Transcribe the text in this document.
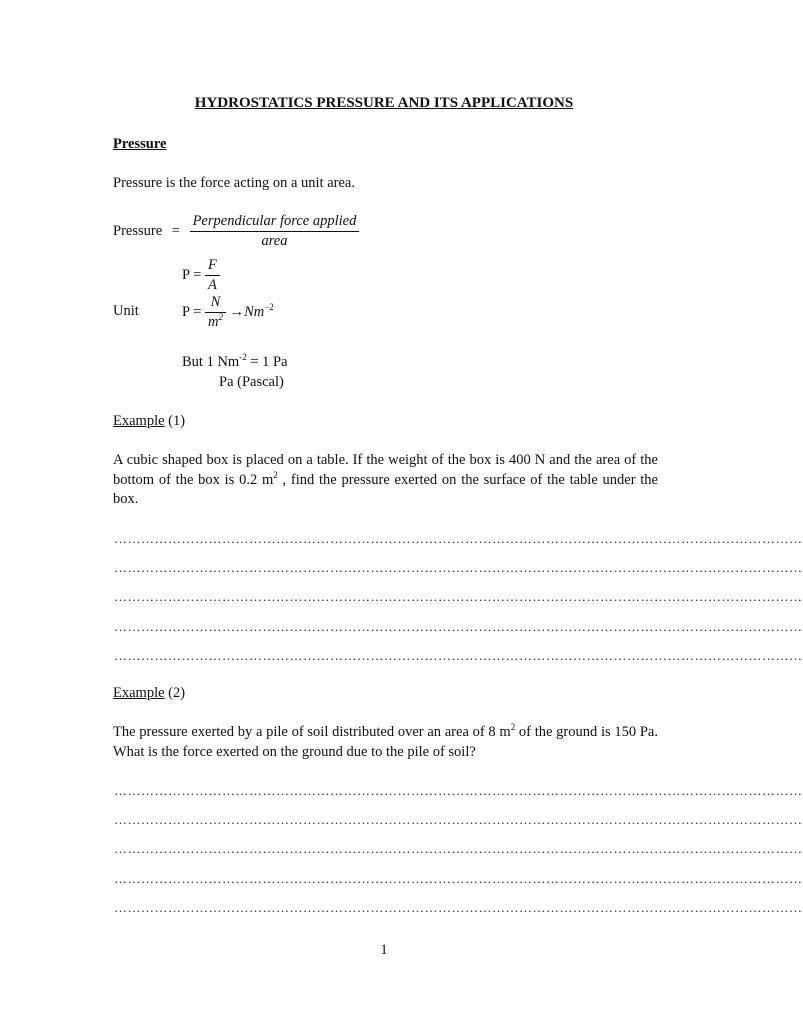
HYDROSTATICS PRESSURE AND ITS APPLICATIONS
Pressure
Pressure is the force acting on a unit area.
Pressure = $\frac{\text{Perpendicular force applied}}{\text{area}}$
$P = \frac{F}{A}$
Unit	$P = \frac{N}{m^2} \to Nm^{-2}$
But 1 $Nm^{-2} = 1$ Pa
Pa (Pascal)
Example (1)
A cubic shaped box is placed on a table. If the weight of the box is 400 N and the area of the bottom of the box is 0.2 $m^2$ , find the pressure exerted on the surface of the table under the box.
………………………………………………………………………………………………………………………………………
………………………………………………………………………………………………………………………………………
………………………………………………………………………………………………………………………………………
………………………………………………………………………………………………………………………………………
………………………………………………………………………………………………………………………………………
Example (2)
The pressure exerted by a pile of soil distributed over an area of 8 $m^2$ of the ground is 150 Pa. What is the force exerted on the ground due to the pile of soil?
………………………………………………………………………………………………………………………………………
………………………………………………………………………………………………………………………………………
………………………………………………………………………………………………………………………………………
………………………………………………………………………………………………………………………………………
………………………………………………………………………………………………………………………………………
1
